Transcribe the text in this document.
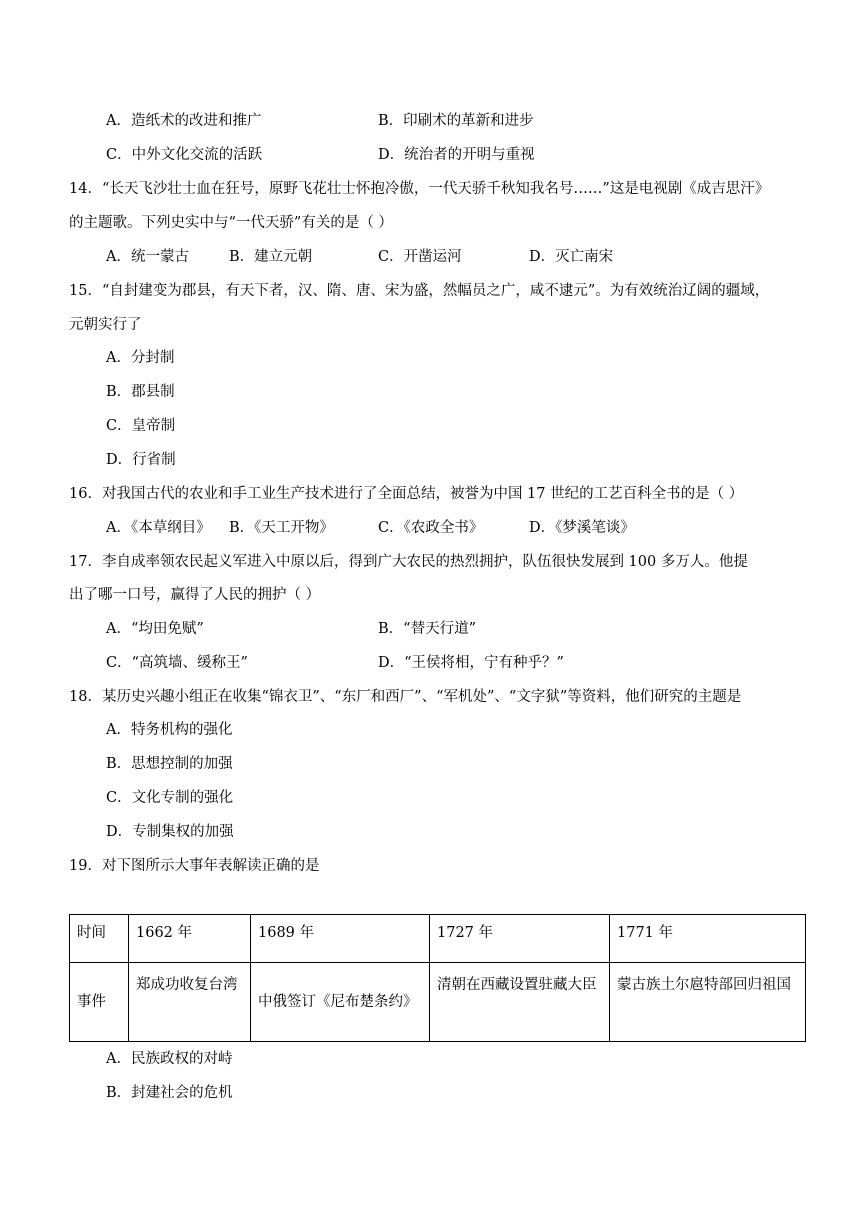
A．造纸术的改进和推广	B．印刷术的革新和进步
C．中外文化交流的活跃	D．统治者的开明与重视
14．“长天飞沙壮士血在狂号，原野飞花壮士怀抱冷傲，一代天骄千秋知我名号……”这是电视剧《成吉思汗》
的主题歌。下列史实中与“一代天骄”有关的是（ ）
A．统一蒙古	B．建立元朝	C．开凿运河	D．灭亡南宋
15．“自封建变为郡县，有天下者，汉、隋、唐、宋为盛，然幅员之广，咸不逮元”。为有效统治辽阔的疆域，
元朝实行了
A．分封制
B．郡县制
C．皇帝制
D．行省制
16．对我国古代的农业和手工业生产技术进行了全面总结，被誉为中国 17 世纪的工艺百科全书的是（ ）
A．《本草纲目》 B．《天工开物》	C．《农政全书》	D．《梦溪笔谈》
17．李自成率领农民起义军进入中原以后，得到广大农民的热烈拥护，队伍很快发展到 100 多万人。他提
出了哪一口号，赢得了人民的拥护（ ）
A．“均田免赋”	B．“替天行道”
C．“高筑墙、缓称王”	D．“王侯将相，宁有种乎？”
18．某历史兴趣小组正在收集“锦衣卫”、“东厂和西厂”、“军机处”、“文字狱”等资料，他们研究的主题是
A．特务机构的强化
B．思想控制的加强
C．文化专制的强化
D．专制集权的加强
19．对下图所示大事年表解读正确的是
时间	1662 年	1689 年	1727 年	1771 年
事件	郑成功收复台湾	中俄签订《尼布楚条约》	清朝在西藏设置驻藏大臣	蒙古族土尔扈特部回归祖国
A．民族政权的对峙
B．封建社会的危机
